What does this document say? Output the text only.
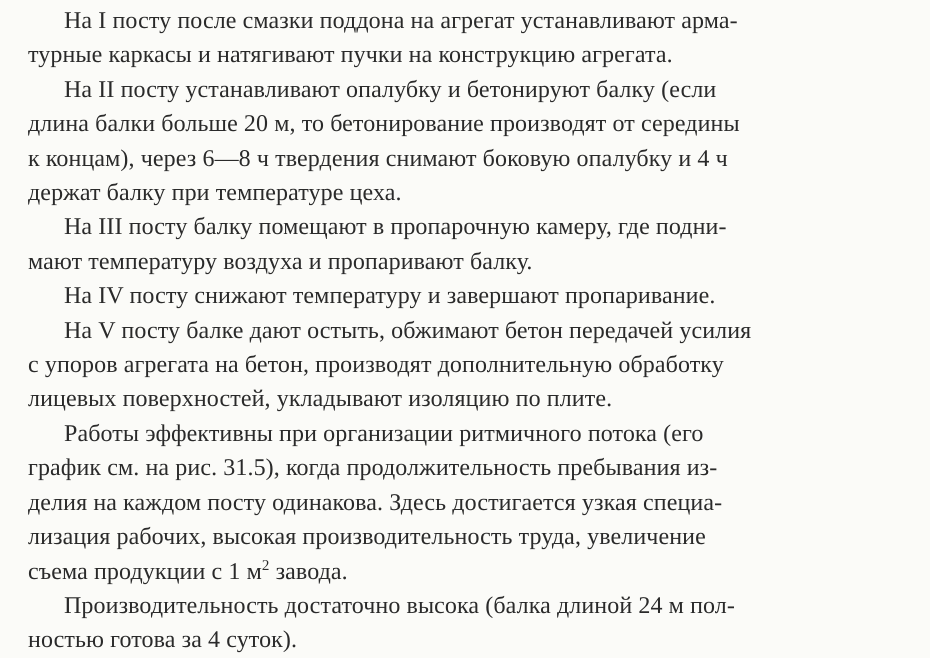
На I посту после смазки поддона на агрегат устанавливают арма-
турные каркасы и натягивают пучки на конструкцию агрегата.

На II посту устанавливают опалубку и бетонируют балку (если
длина балки больше 20 м, то бетонирование производят от середины
к концам), через 6—8 ч твердения снимают боковую опалубку и 4 ч
держат балку при температуре цеха.

На III посту балку помещают в пропарочную камеру, где подни-
мают температуру воздуха и пропаривают балку.

На IV посту снижают температуру и завершают пропаривание.

На V посту балке дают остыть, обжимают бетон передачей усилия
с упоров агрегата на бетон, производят дополнительную обработку
лицевых поверхностей, укладывают изоляцию по плите.

Работы эффективны при организации ритмичного потока (его
график см. на рис. 31.5), когда продолжительность пребывания из-
делия на каждом посту одинакова. Здесь достигается узкая специа-
лизация рабочих, высокая производительность труда, увеличение
съема продукции с 1 $м^2$ завода.

Производительность достаточно высока (балка длиной 24 м пол-
ностью готова за 4 суток).
